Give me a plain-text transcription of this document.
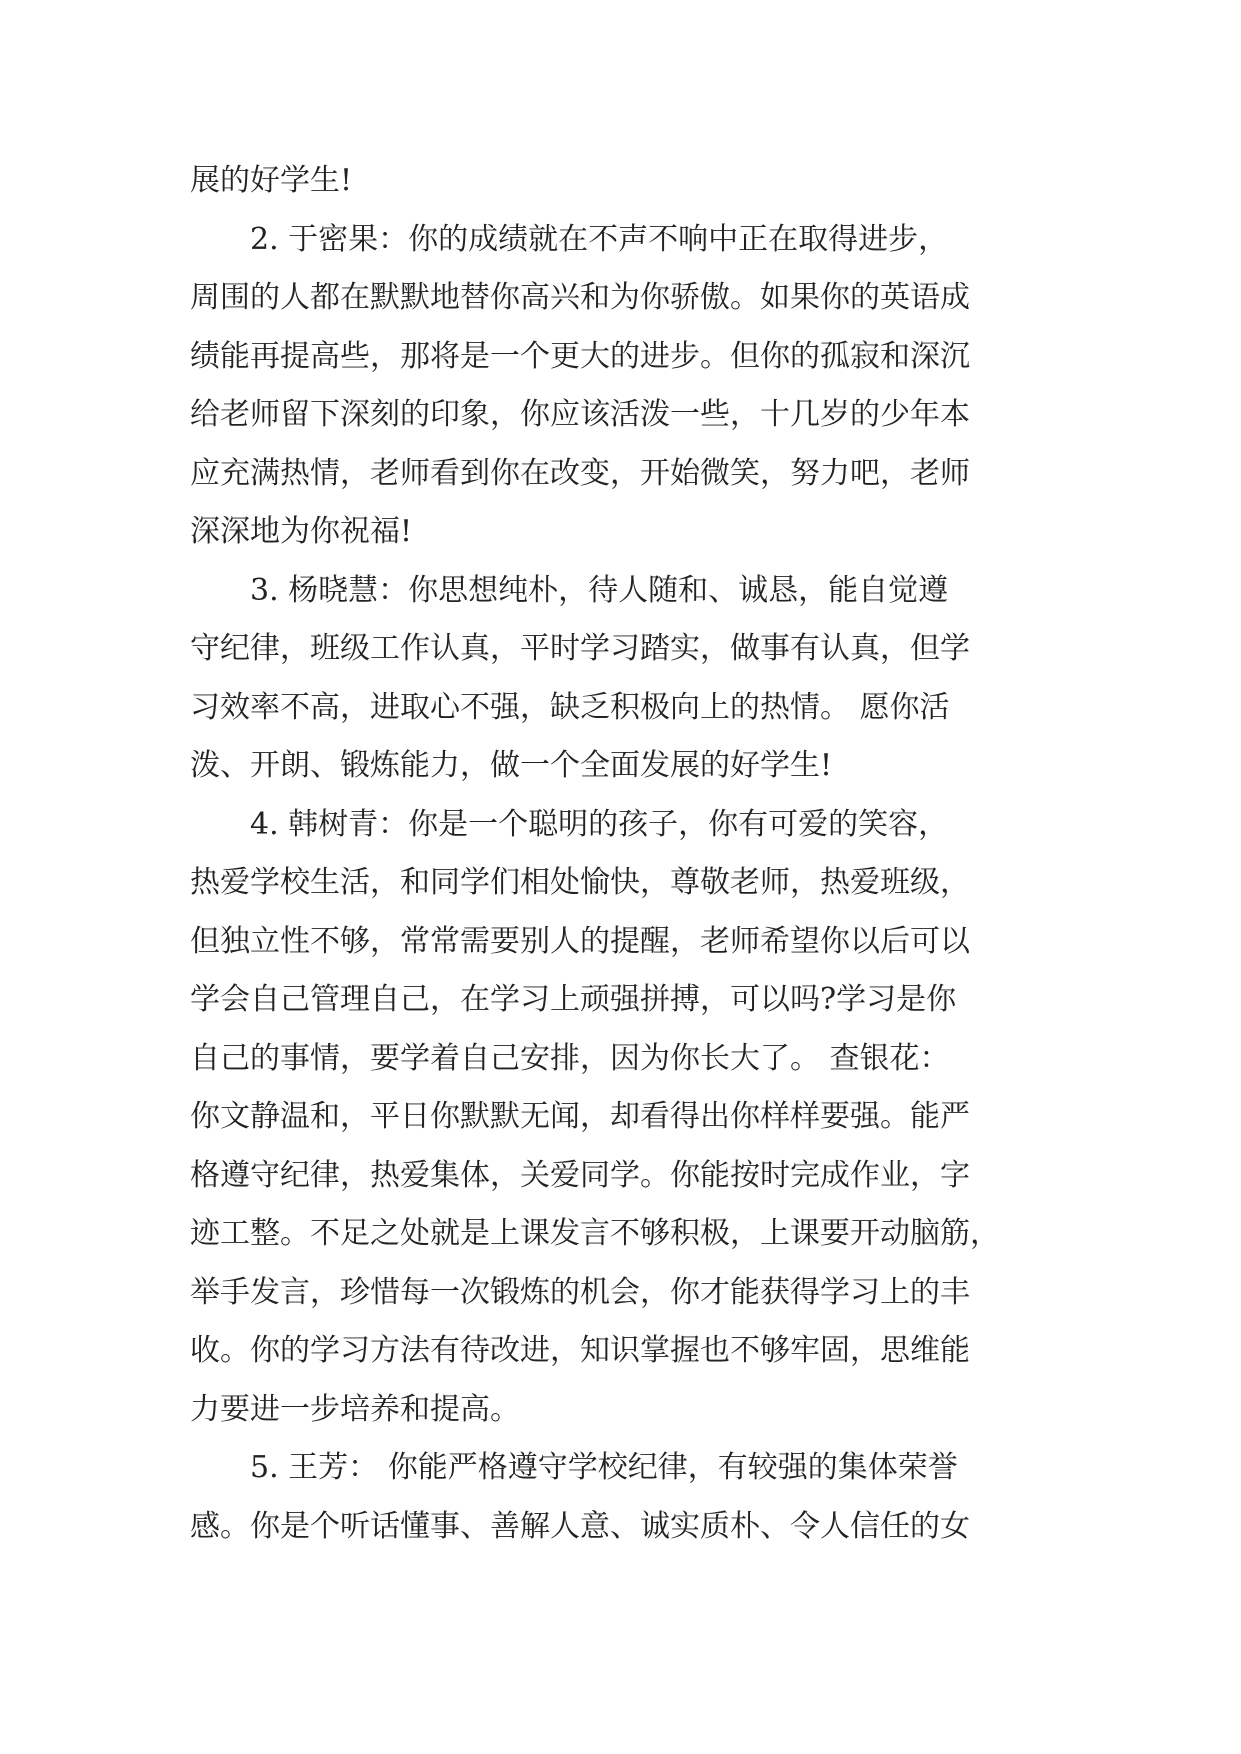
展的好学生!

2. 于密果：你的成绩就在不声不响中正在取得进步，

周围的人都在默默地替你高兴和为你骄傲。如果你的英语成

绩能再提高些，那将是一个更大的进步。但你的孤寂和深沉

给老师留下深刻的印象，你应该活泼一些，十几岁的少年本

应充满热情，老师看到你在改变，开始微笑，努力吧，老师

深深地为你祝福!

3. 杨晓慧：你思想纯朴，待人随和、诚恳，能自觉遵

守纪律，班级工作认真，平时学习踏实，做事有认真，但学

习效率不高，进取心不强，缺乏积极向上的热情。 愿你活

泼、开朗、锻炼能力，做一个全面发展的好学生!

4. 韩树青：你是一个聪明的孩子，你有可爱的笑容，

热爱学校生活，和同学们相处愉快，尊敬老师，热爱班级，

但独立性不够，常常需要别人的提醒，老师希望你以后可以

学会自己管理自己，在学习上顽强拼搏，可以吗?学习是你

自己的事情，要学着自己安排，因为你长大了。 查银花：

你文静温和，平日你默默无闻，却看得出你样样要强。能严

格遵守纪律，热爱集体，关爱同学。你能按时完成作业，字

迹工整。不足之处就是上课发言不够积极，上课要开动脑筋，

举手发言，珍惜每一次锻炼的机会，你才能获得学习上的丰

收。你的学习方法有待改进，知识掌握也不够牢固，思维能

力要进一步培养和提高。

5. 王芳： 你能严格遵守学校纪律，有较强的集体荣誉

感。你是个听话懂事、善解人意、诚实质朴、令人信任的女
